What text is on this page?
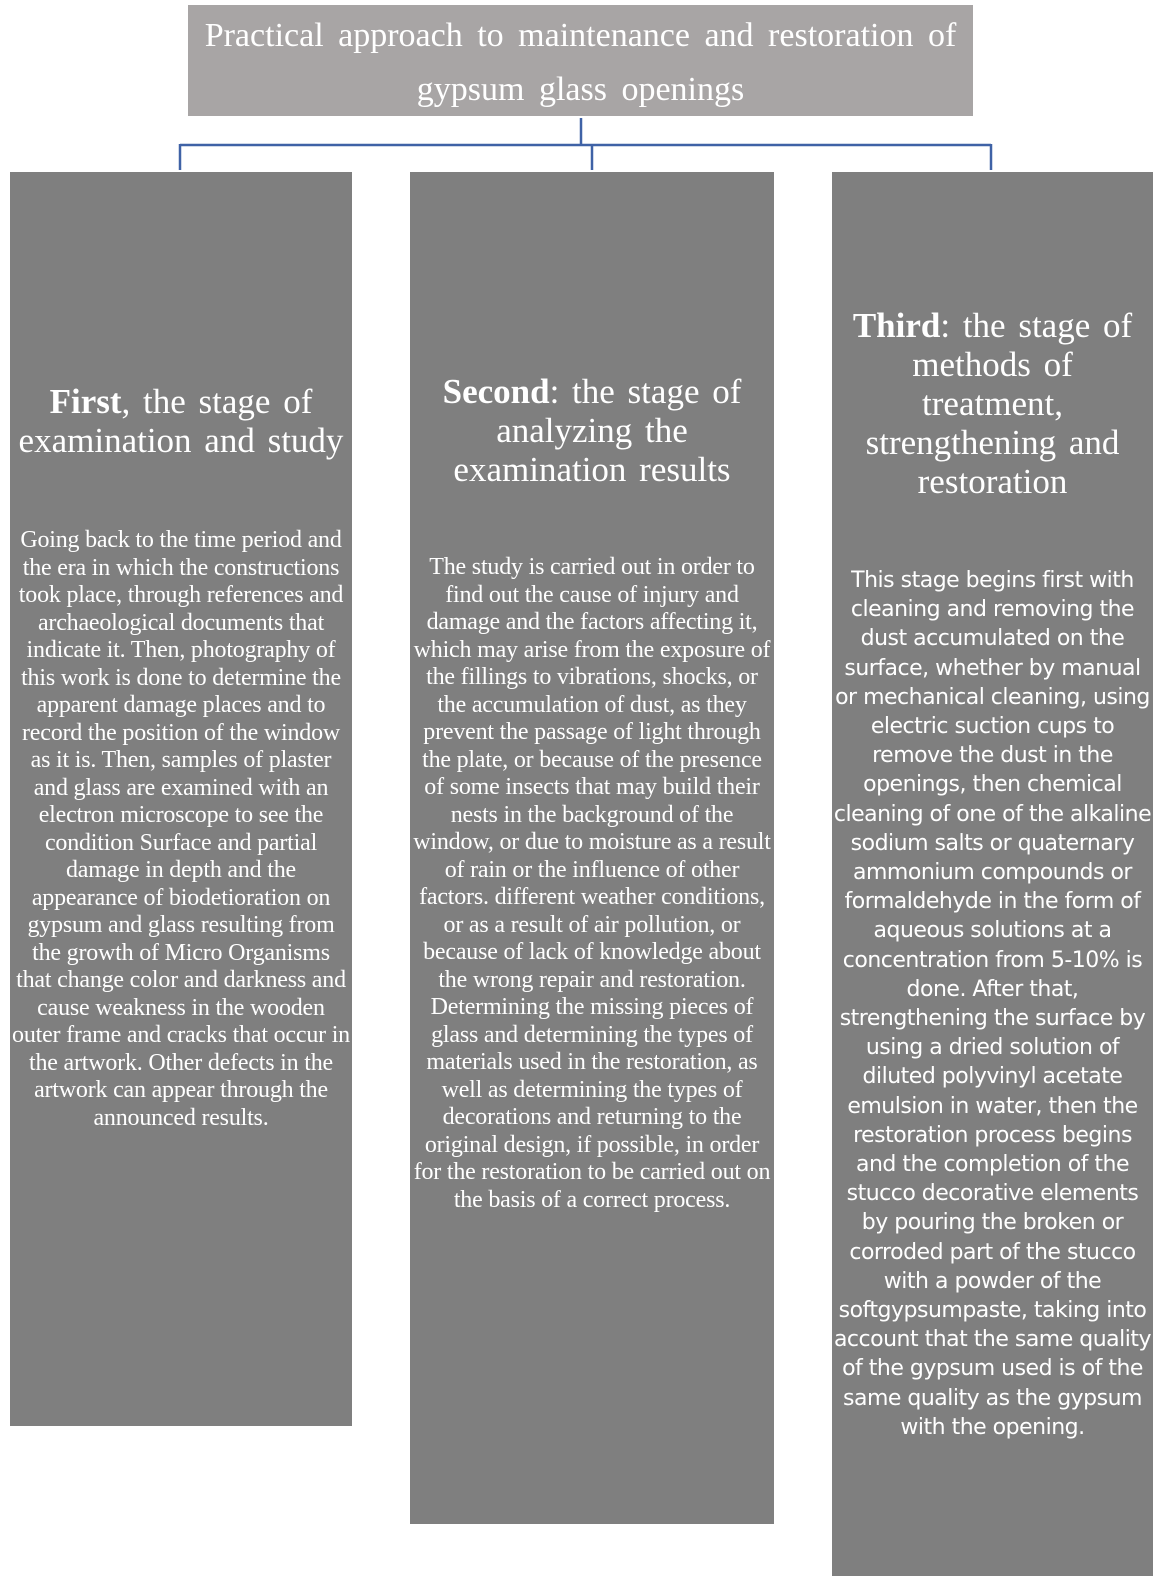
Practical approach to maintenance and restoration of gypsum glass openings
First, the stage of examination and study
Going back to the time period and the era in which the constructions took place, through references and archaeological documents that indicate it. Then, photography of this work is done to determine the apparent damage places and to record the position of the window as it is. Then, samples of plaster and glass are examined with an electron microscope to see the condition Surface and partial damage in depth and the appearance of biodetioration on gypsum and glass resulting from the growth of Micro Organisms that change color and darkness and cause weakness in the wooden outer frame and cracks that occur in the artwork. Other defects in the artwork can appear through the announced results.
Second: the stage of analyzing the examination results
The study is carried out in order to find out the cause of injury and damage and the factors affecting it, which may arise from the exposure of the fillings to vibrations, shocks, or the accumulation of dust, as they prevent the passage of light through the plate, or because of the presence of some insects that may build their nests in the background of the window, or due to moisture as a result of rain or the influence of other factors. different weather conditions, or as a result of air pollution, or because of lack of knowledge about the wrong repair and restoration. Determining the missing pieces of glass and determining the types of materials used in the restoration, as well as determining the types of decorations and returning to the original design, if possible, in order for the restoration to be carried out on the basis of a correct process.
Third: the stage of methods of treatment, strengthening and restoration
This stage begins first with cleaning and removing the dust accumulated on the surface, whether by manual or mechanical cleaning, using electric suction cups to remove the dust in the openings, then chemical cleaning of one of the alkaline sodium salts or quaternary ammonium compounds or formaldehyde in the form of aqueous solutions at a concentration from 5-10% is done. After that, strengthening the surface by using a dried solution of diluted polyvinyl acetate emulsion in water, then the restoration process begins and the completion of the stucco decorative elements by pouring the broken or corroded part of the stucco with a powder of the softgypsumpaste, taking into account that the same quality of the gypsum used is of the same quality as the gypsum with the opening.
